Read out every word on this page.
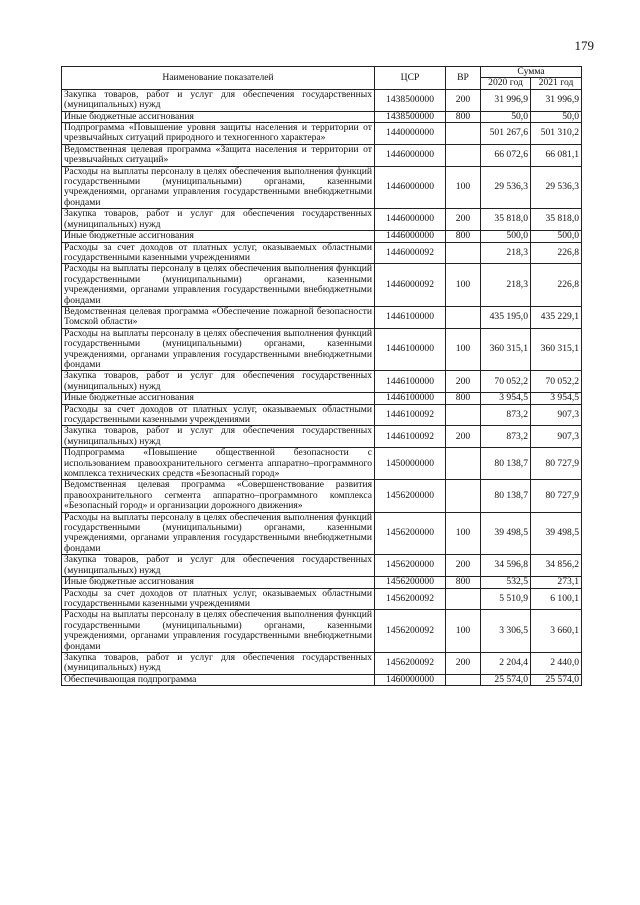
179
Наименование показателей	ЦСР	ВР	Сумма	
			2020 год	2021 год
Закупка товаров, работ и услуг для обеспечения государственных (муниципальных) нужд	1438500000	200	31 996,9	31 996,9
Иные бюджетные ассигнования	1438500000	800	50,0	50,0
Подпрограмма «Повышение уровня защиты населения и территории от чрезвычайных ситуаций природного и техногенного характера»	1440000000		501 267,6	501 310,2
Ведомственная целевая программа «Защита населения и территории от чрезвычайных ситуаций»	1446000000		66 072,6	66 081,1
Расходы на выплаты персоналу в целях обеспечения выполнения функций государственными (муниципальными) органами, казенными учреждениями, органами управления государственными внебюджетными фондами	1446000000	100	29 536,3	29 536,3
Закупка товаров, работ и услуг для обеспечения государственных (муниципальных) нужд	1446000000	200	35 818,0	35 818,0
Иные бюджетные ассигнования	1446000000	800	500,0	500,0
Расходы за счет доходов от платных услуг, оказываемых областными государственными казенными учреждениями	1446000092		218,3	226,8
Расходы на выплаты персоналу в целях обеспечения выполнения функций государственными (муниципальными) органами, казенными учреждениями, органами управления государственными внебюджетными фондами	1446000092	100	218,3	226,8
Ведомственная целевая программа «Обеспечение пожарной безопасности Томской области»	1446100000		435 195,0	435 229,1
Расходы на выплаты персоналу в целях обеспечения выполнения функций государственными (муниципальными) органами, казенными учреждениями, органами управления государственными внебюджетными фондами	1446100000	100	360 315,1	360 315,1
Закупка товаров, работ и услуг для обеспечения государственных (муниципальных) нужд	1446100000	200	70 052,2	70 052,2
Иные бюджетные ассигнования	1446100000	800	3 954,5	3 954,5
Расходы за счет доходов от платных услуг, оказываемых областными государственными казенными учреждениями	1446100092		873,2	907,3
Закупка товаров, работ и услуг для обеспечения государственных (муниципальных) нужд	1446100092	200	873,2	907,3
Подпрограмма «Повышение общественной безопасности с использованием правоохранительного сегмента аппаратно–программного комплекса технических средств «Безопасный город»	1450000000		80 138,7	80 727,9
Ведомственная целевая программа «Совершенствование развития правоохранительного сегмента аппаратно–программного комплекса «Безопасный город» и организации дорожного движения»	1456200000		80 138,7	80 727,9
Расходы на выплаты персоналу в целях обеспечения выполнения функций государственными (муниципальными) органами, казенными учреждениями, органами управления государственными внебюджетными фондами	1456200000	100	39 498,5	39 498,5
Закупка товаров, работ и услуг для обеспечения государственных (муниципальных) нужд	1456200000	200	34 596,8	34 856,2
Иные бюджетные ассигнования	1456200000	800	532,5	273,1
Расходы за счет доходов от платных услуг, оказываемых областными государственными казенными учреждениями	1456200092		5 510,9	6 100,1
Расходы на выплаты персоналу в целях обеспечения выполнения функций государственными (муниципальными) органами, казенными учреждениями, органами управления государственными внебюджетными фондами	1456200092	100	3 306,5	3 660,1
Закупка товаров, работ и услуг для обеспечения государственных (муниципальных) нужд	1456200092	200	2 204,4	2 440,0
Обеспечивающая подпрограмма	1460000000		25 574,0	25 574,0
